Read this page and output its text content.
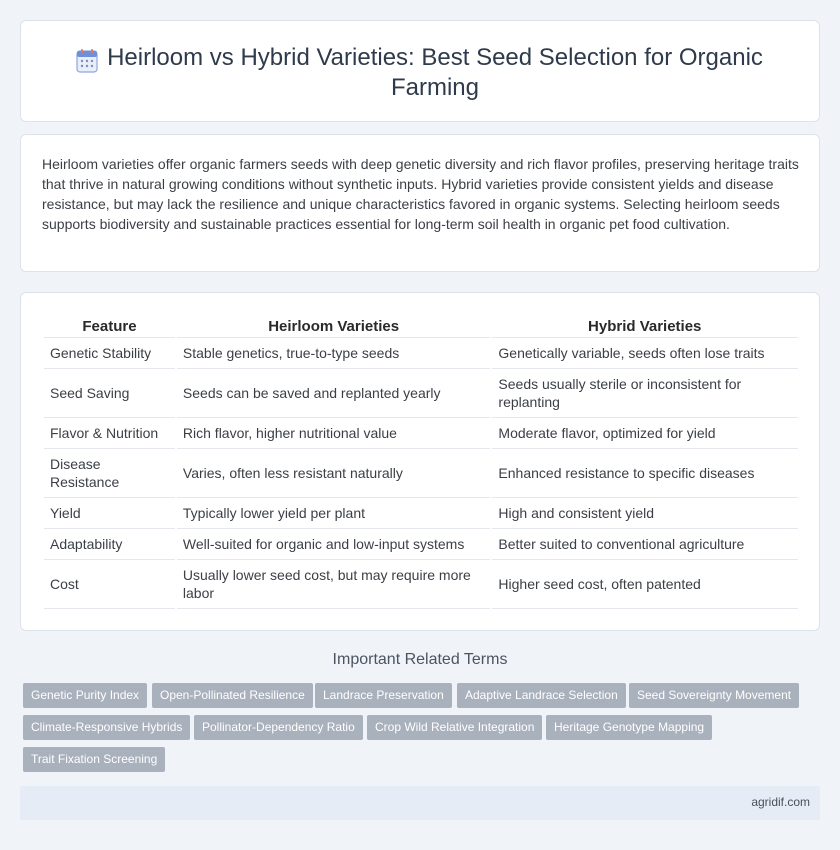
Heirloom vs Hybrid Varieties: Best Seed Selection for Organic Farming

Heirloom varieties offer organic farmers seeds with deep genetic diversity and rich flavor profiles, preserving heritage traits that thrive in natural growing conditions without synthetic inputs. Hybrid varieties provide consistent yields and disease resistance, but may lack the resilience and unique characteristics favored in organic systems. Selecting heirloom seeds supports biodiversity and sustainable practices essential for long-term soil health in organic pet food cultivation.

Feature	Heirloom Varieties	Hybrid Varieties
Genetic Stability	Stable genetics, true-to-type seeds	Genetically variable, seeds often lose traits
Seed Saving	Seeds can be saved and replanted yearly	Seeds usually sterile or inconsistent for replanting
Flavor & Nutrition	Rich flavor, higher nutritional value	Moderate flavor, optimized for yield
Disease Resistance	Varies, often less resistant naturally	Enhanced resistance to specific diseases
Yield	Typically lower yield per plant	High and consistent yield
Adaptability	Well-suited for organic and low-input systems	Better suited to conventional agriculture
Cost	Usually lower seed cost, but may require more labor	Higher seed cost, often patented
Important Related Terms
Genetic Purity Index	Open-Pollinated Resilience	Landrace Preservation	Adaptive Landrace Selection	Seed Sovereignty Movement
Climate-Responsive Hybrids	Pollinator-Dependency Ratio	Crop Wild Relative Integration	Heritage Genotype Mapping
Trait Fixation Screening
agridif.com
